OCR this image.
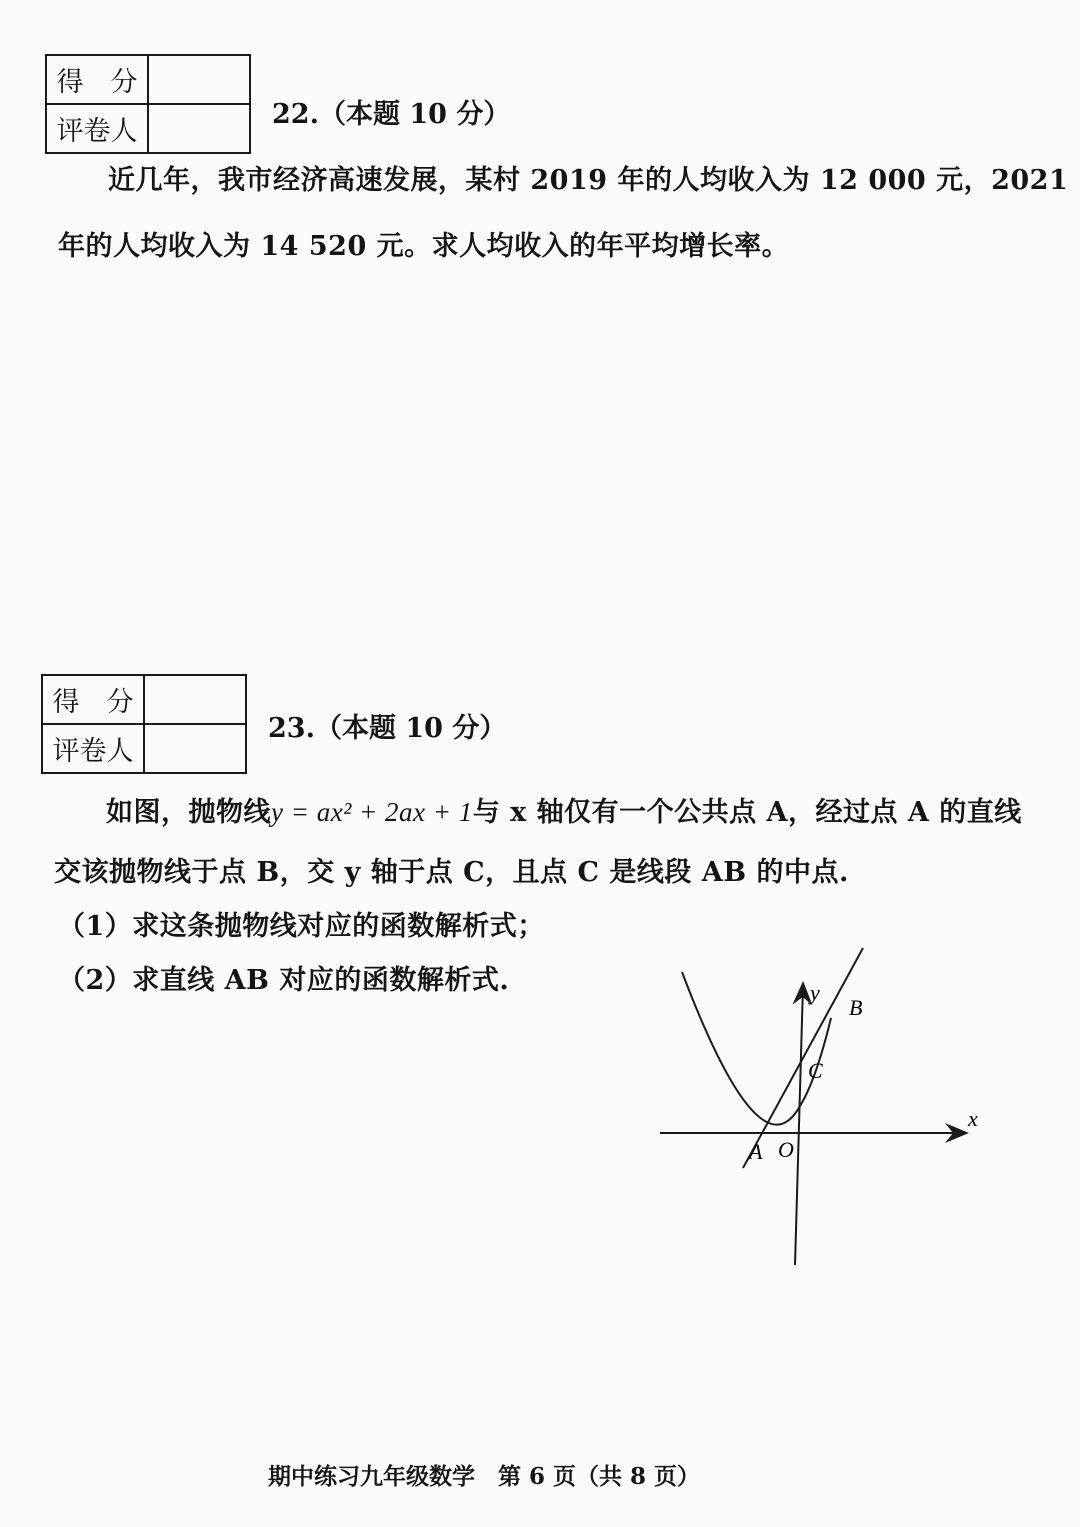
得　分	
评卷人	
22.（本题 10 分）
近几年，我市经济高速发展，某村 2019 年的人均收入为 12 000 元，2021
年的人均收入为 14 520 元。求人均收入的年平均增长率。
得　分	
评卷人	
23.（本题 10 分）
如图，抛物线y = ax² + 2ax + 1与 x 轴仅有一个公共点 A，经过点 A 的直线
交该抛物线于点 B，交 y 轴于点 C，且点 C 是线段 AB 的中点.
（1）求这条抛物线对应的函数解析式；
（2）求直线 AB 对应的函数解析式.	y
B
C
x
A O
期中练习九年级数学　第 6 页（共 8 页）
